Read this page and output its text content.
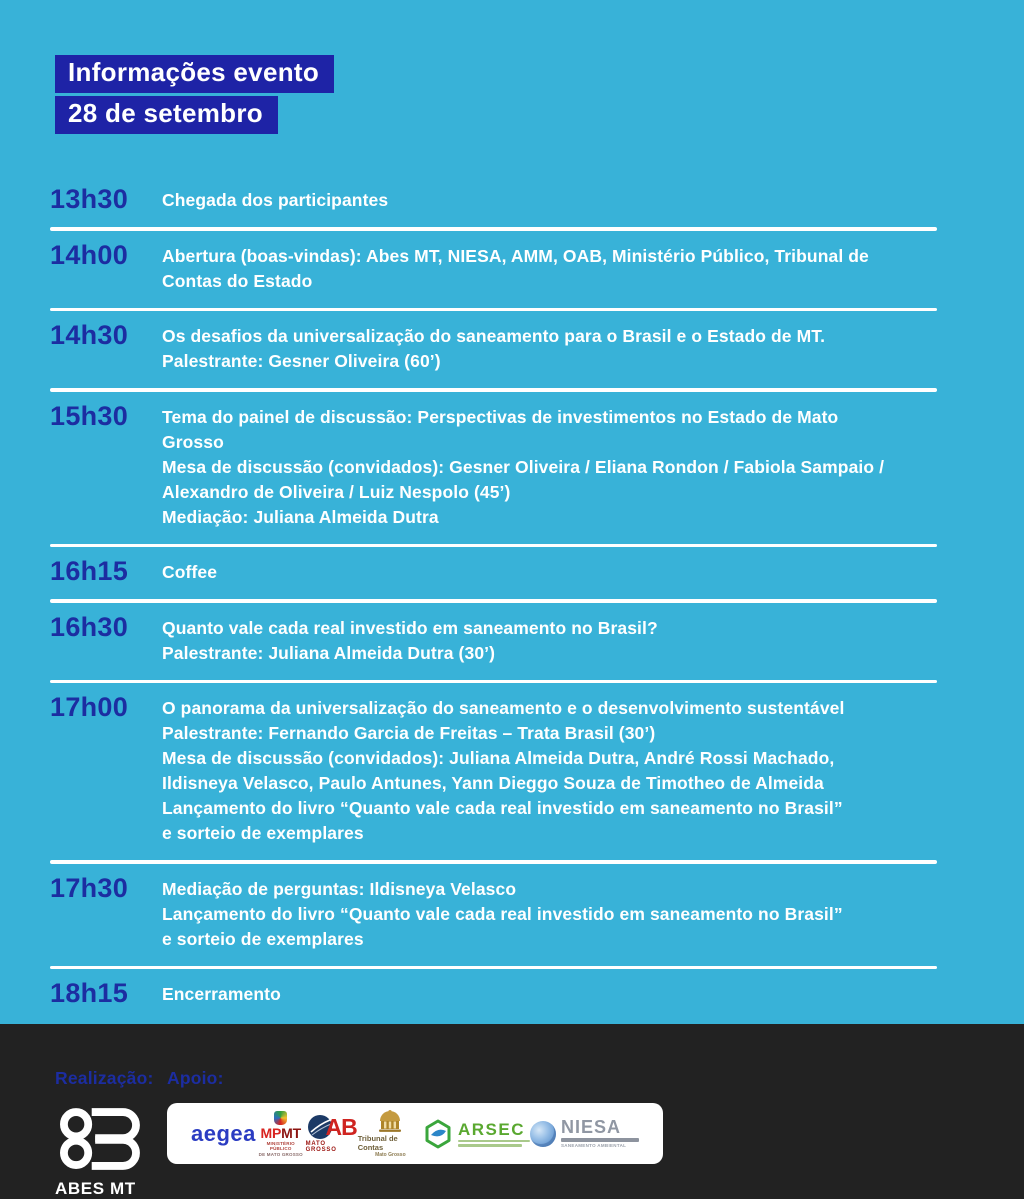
Informações evento
28 de setembro
13h30	Chegada dos participantes
14h00	Abertura (boas-vindas): Abes MT, NIESA, AMM, OAB, Ministério Público, Tribunal de
Contas do Estado
14h30	Os desafios da universalização do saneamento para o Brasil e o Estado de MT.
Palestrante: Gesner Oliveira (60’)
15h30	Tema do painel de discussão: Perspectivas de investimentos no Estado de Mato
Grosso
Mesa de discussão (convidados): Gesner Oliveira / Eliana Rondon / Fabiola Sampaio /
Alexandro de Oliveira / Luiz Nespolo (45’)
Mediação: Juliana Almeida Dutra
16h15	Coffee
16h30	Quanto vale cada real investido em saneamento no Brasil?
Palestrante: Juliana Almeida Dutra (30’)
17h00	O panorama da universalização do saneamento e o desenvolvimento sustentável
Palestrante: Fernando Garcia de Freitas – Trata Brasil (30’)
Mesa de discussão (convidados): Juliana Almeida Dutra, André Rossi Machado,
Ildisneya Velasco, Paulo Antunes, Yann Dieggo Souza de Timotheo de Almeida
Lançamento do livro “Quanto vale cada real investido em saneamento no Brasil”
e sorteio de exemplares
17h30	Mediação de perguntas: Ildisneya Velasco
Lançamento do livro “Quanto vale cada real investido em saneamento no Brasil”
e sorteio de exemplares
18h15	Encerramento
Realização:
ABES MT
Apoio:
aegea MPMT
MINISTÉRIO PÚBLICO
DE MATO GROSSO
AB
MATO GROSSO
Tribunal de Contas
Mato Grosso
ARSEC NIESA
SANEAMENTO AMBIENTAL
